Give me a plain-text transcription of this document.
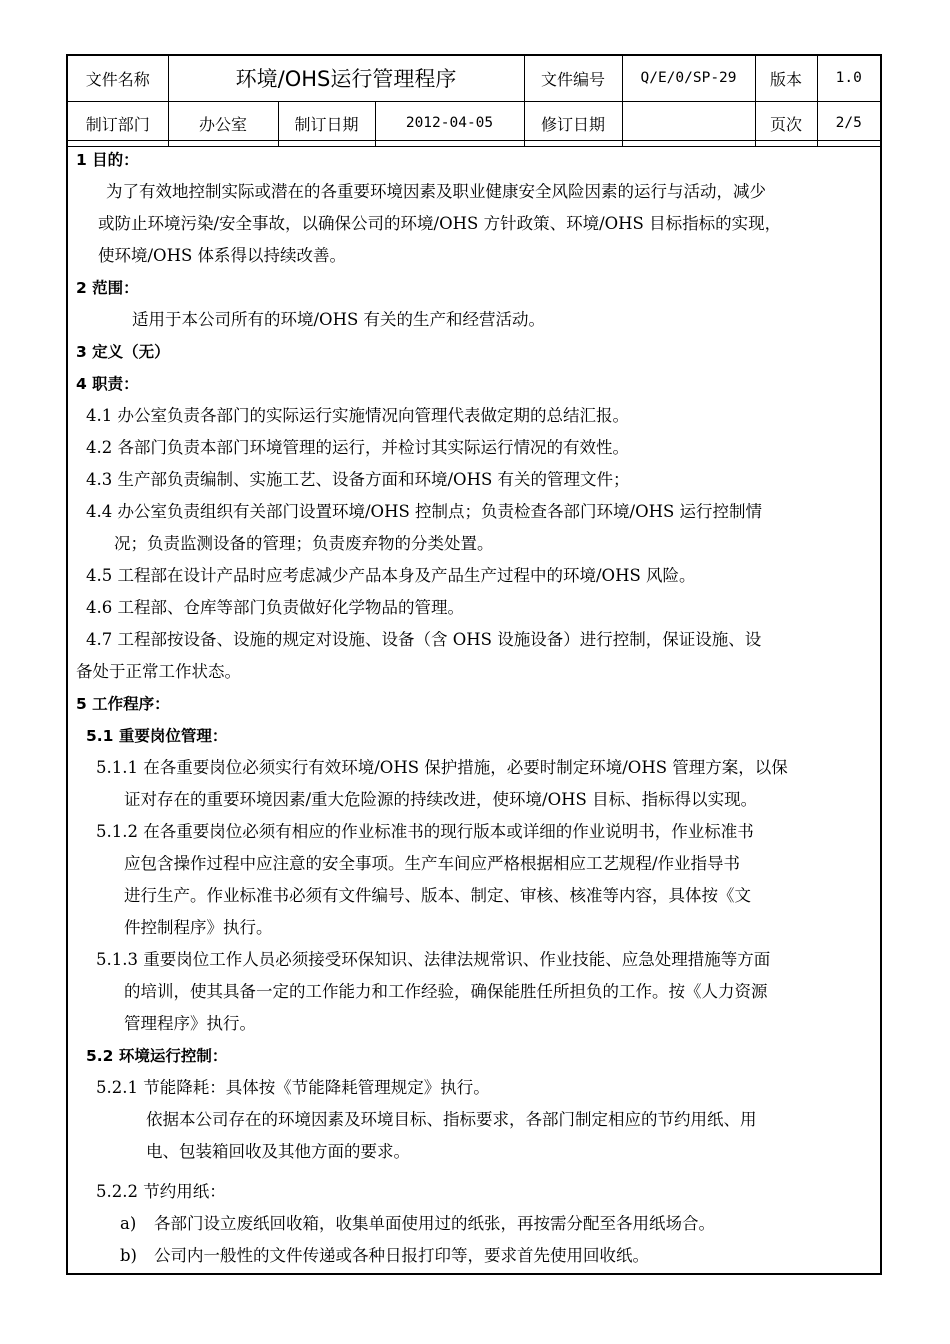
文件名称	环境/OHS运行管理程序	文件编号	Q/E/0/SP-29	版本	1.0
制订部门	办公室	制订日期	2012-04-05	修订日期		页次	2/5
1 目的：
为了有效地控制实际或潜在的各重要环境因素及职业健康安全风险因素的运行与活动，减少
或防止环境污染/安全事故，以确保公司的环境/OHS 方针政策、环境/OHS 目标指标的实现，
使环境/OHS 体系得以持续改善。
2 范围：
适用于本公司所有的环境/OHS 有关的生产和经营活动。
3 定义（无）
4 职责：
4.1 办公室负责各部门的实际运行实施情况向管理代表做定期的总结汇报。
4.2 各部门负责本部门环境管理的运行，并检讨其实际运行情况的有效性。
4.3 生产部负责编制、实施工艺、设备方面和环境/OHS 有关的管理文件；
4.4 办公室负责组织有关部门设置环境/OHS 控制点；负责检查各部门环境/OHS 运行控制情
况；负责监测设备的管理；负责废弃物的分类处置。
4.5 工程部在设计产品时应考虑减少产品本身及产品生产过程中的环境/OHS 风险。
4.6 工程部、仓库等部门负责做好化学物品的管理。
4.7 工程部按设备、设施的规定对设施、设备（含 OHS 设施设备）进行控制，保证设施、设
备处于正常工作状态。
5 工作程序：
5.1 重要岗位管理：
5.1.1 在各重要岗位必须实行有效环境/OHS 保护措施，必要时制定环境/OHS 管理方案，以保
证对存在的重要环境因素/重大危险源的持续改进，使环境/OHS 目标、指标得以实现。
5.1.2 在各重要岗位必须有相应的作业标准书的现行版本或详细的作业说明书，作业标准书
应包含操作过程中应注意的安全事项。生产车间应严格根据相应工艺规程/作业指导书
进行生产。作业标准书必须有文件编号、版本、制定、审核、核准等内容，具体按《文
件控制程序》执行。
5.1.3 重要岗位工作人员必须接受环保知识、法律法规常识、作业技能、应急处理措施等方面
的培训，使其具备一定的工作能力和工作经验，确保能胜任所担负的工作。按《人力资源
管理程序》执行。
5.2 环境运行控制：
5.2.1 节能降耗：具体按《节能降耗管理规定》执行。
依据本公司存在的环境因素及环境目标、指标要求，各部门制定相应的节约用纸、用
电、包装箱回收及其他方面的要求。
5.2.2 节约用纸：
a) 各部门设立废纸回收箱，收集单面使用过的纸张，再按需分配至各用纸场合。
b) 公司内一般性的文件传递或各种日报打印等，要求首先使用回收纸。
